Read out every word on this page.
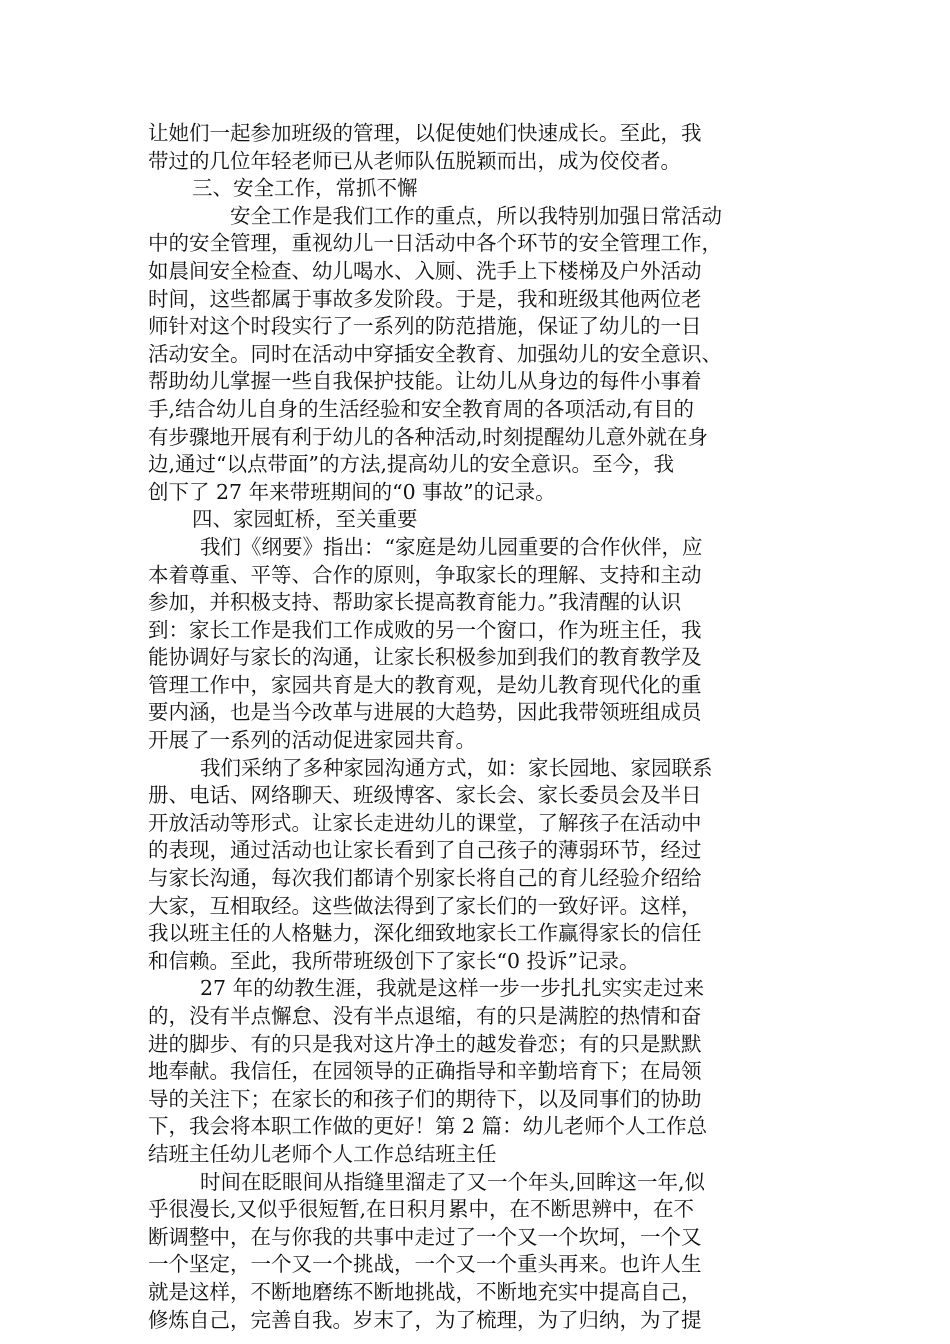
让她们一起参加班级的管理，以促使她们快速成长。至此，我
带过的几位年轻老师已从老师队伍脱颖而出，成为佼佼者。
三、安全工作，常抓不懈
安全工作是我们工作的重点，所以我特别加强日常活动
中的安全管理，重视幼儿一日活动中各个环节的安全管理工作，
如晨间安全检查、幼儿喝水、入厕、洗手上下楼梯及户外活动
时间，这些都属于事故多发阶段。于是，我和班级其他两位老
师针对这个时段实行了一系列的防范措施，保证了幼儿的一日
活动安全。同时在活动中穿插安全教育、加强幼儿的安全意识、
帮助幼儿掌握一些自我保护技能。让幼儿从身边的每件小事着
手,结合幼儿自身的生活经验和安全教育周的各项活动,有目的
有步骤地开展有利于幼儿的各种活动,时刻提醒幼儿意外就在身
边,通过“以点带面”的方法,提高幼儿的安全意识。至今，我
创下了 27 年来带班期间的“0 事故”的记录。
四、家园虹桥，至关重要
我们《纲要》指出：“家庭是幼儿园重要的合作伙伴，应
本着尊重、平等、合作的原则，争取家长的理解、支持和主动
参加，并积极支持、帮助家长提高教育能力。”我清醒的认识
到：家长工作是我们工作成败的另一个窗口，作为班主任，我
能协调好与家长的沟通，让家长积极参加到我们的教育教学及
管理工作中，家园共育是大的教育观，是幼儿教育现代化的重
要内涵，也是当今改革与进展的大趋势，因此我带领班组成员
开展了一系列的活动促进家园共育。
我们采纳了多种家园沟通方式，如：家长园地、家园联系
册、电话、网络聊天、班级博客、家长会、家长委员会及半日
开放活动等形式。让家长走进幼儿的课堂，了解孩子在活动中
的表现，通过活动也让家长看到了自己孩子的薄弱环节，经过
与家长沟通，每次我们都请个别家长将自己的育儿经验介绍给
大家，互相取经。这些做法得到了家长们的一致好评。这样，
我以班主任的人格魅力，深化细致地家长工作赢得家长的信任
和信赖。至此，我所带班级创下了家长“0 投诉”记录。
27 年的幼教生涯，我就是这样一步一步扎扎实实走过来
的，没有半点懈怠、没有半点退缩，有的只是满腔的热情和奋
进的脚步、有的只是我对这片净土的越发眷恋；有的只是默默
地奉献。我信任，在园领导的正确指导和辛勤培育下；在局领
导的关注下；在家长的和孩子们的期待下，以及同事们的协助
下，我会将本职工作做的更好！第 2 篇：幼儿老师个人工作总
结班主任幼儿老师个人工作总结班主任
时间在眨眼间从指缝里溜走了又一个年头,回眸这一年,似
乎很漫长,又似乎很短暂,在日积月累中，在不断思辨中，在不
断调整中，在与你我的共事中走过了一个又一个坎坷，一个又
一个坚定，一个又一个挑战，一个又一个重头再来。也许人生
就是这样，不断地磨练不断地挑战，不断地充实中提高自己，
修炼自己，完善自我。岁末了，为了梳理，为了归纳，为了提
